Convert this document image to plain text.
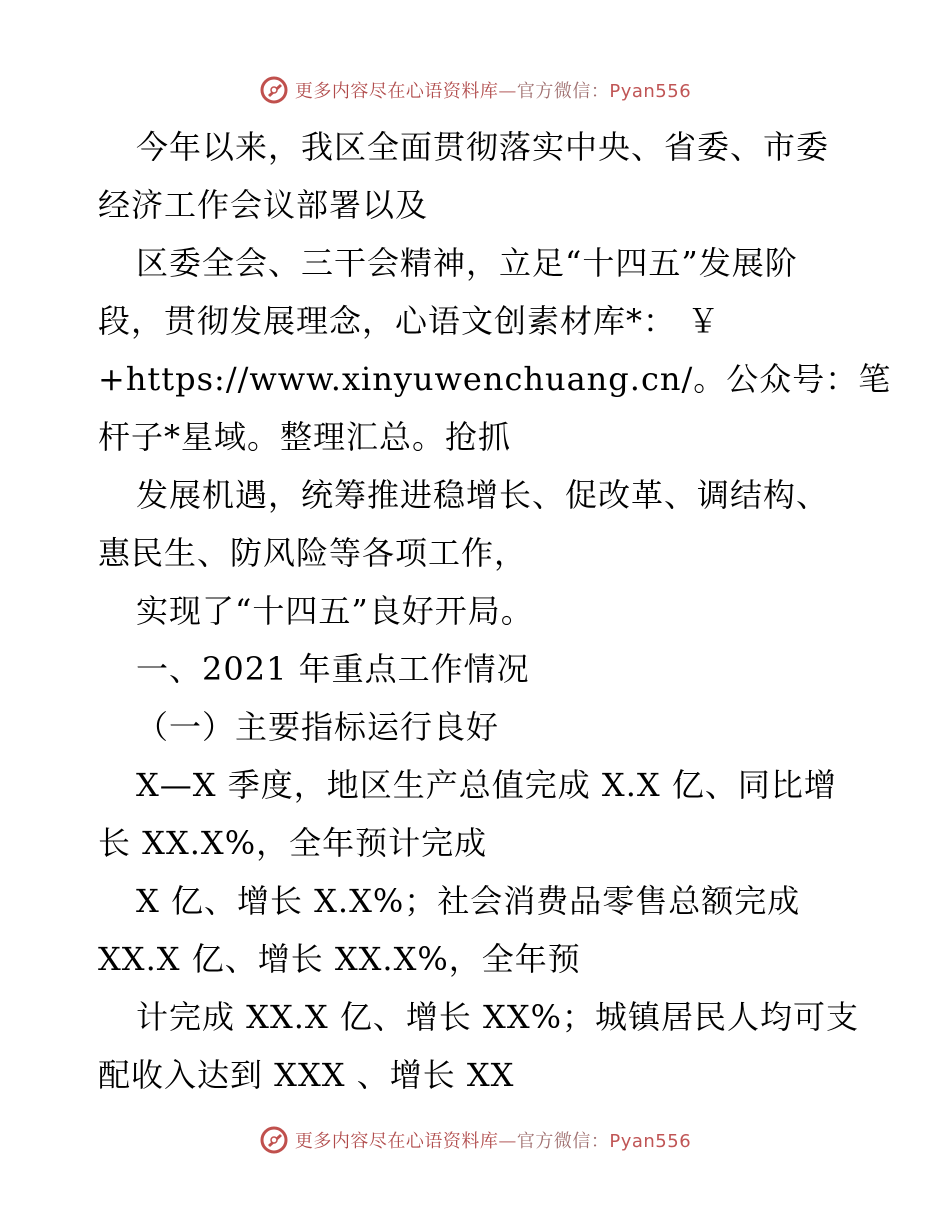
更多内容尽在心语资料库—官方微信：Pyan556
今年以来，我区全面贯彻落实中央、省委、市委
经济工作会议部署以及
区委全会、三干会精神，立足“十四五”发展阶
段，贯彻发展理念，心语文创素材库*： ￥
+https://www.xinyuwenchuang.cn/。公众号：笔
杆子*星域。整理汇总。抢抓
发展机遇，统筹推进稳增长、促改革、调结构、
惠民生、防风险等各项工作，
实现了“十四五”良好开局。
一、2021 年重点工作情况
（一）主要指标运行良好
X—X 季度，地区生产总值完成 X.X 亿、同比增
长 XX.X%，全年预计完成
X 亿、增长 X.X%；社会消费品零售总额完成
XX.X 亿、增长 XX.X%，全年预
计完成 XX.X 亿、增长 XX%；城镇居民人均可支
配收入达到 XXX 、增长 XX
更多内容尽在心语资料库—官方微信：Pyan556
